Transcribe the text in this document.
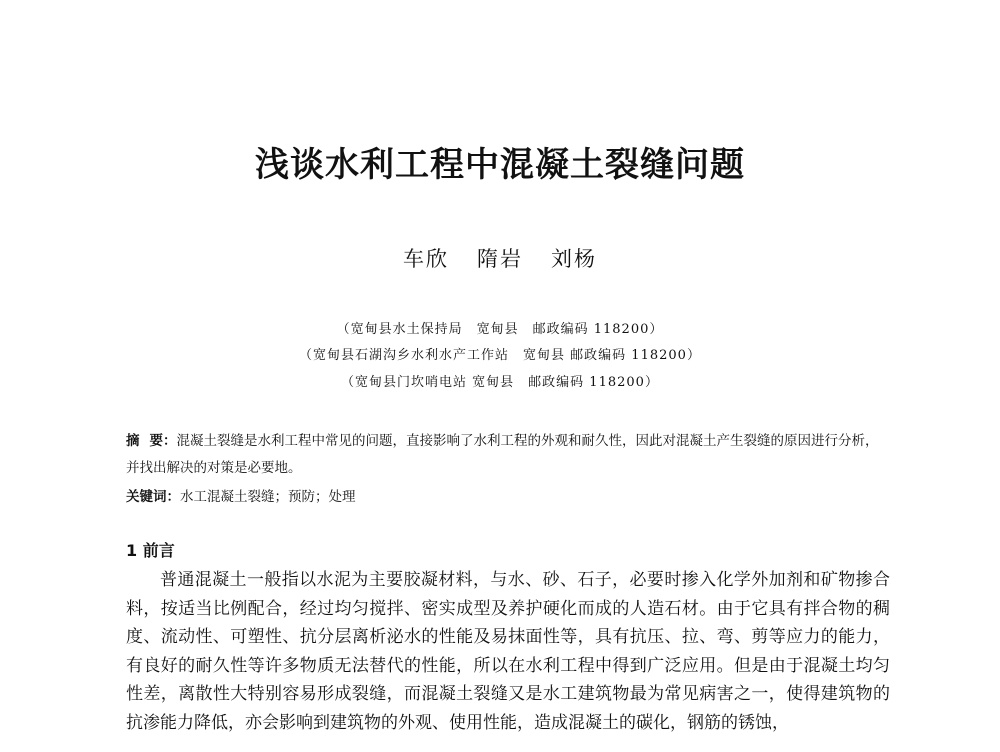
浅谈水利工程中混凝土裂缝问题
车欣 隋岩 刘杨
（宽甸县水土保持局　宽甸县　邮政编码 118200）
（宽甸县石湖沟乡水利水产工作站　宽甸县 邮政编码 118200）
（宽甸县门坎哨电站 宽甸县　邮政编码 118200）
摘要：混凝土裂缝是水利工程中常见的问题，直接影响了水利工程的外观和耐久性，因此对混凝土产生裂缝的原因进行分析，并找出解决的对策是必要地。
关键词：水工混凝土裂缝；预防；处理
1 前言
普通混凝土一般指以水泥为主要胶凝材料，与水、砂、石子，必要时掺入化学外加剂和矿物掺合料，按适当比例配合，经过均匀搅拌、密实成型及养护硬化而成的人造石材。由于它具有拌合物的稠度、流动性、可塑性、抗分层离析泌水的性能及易抹面性等，具有抗压、拉、弯、剪等应力的能力，有良好的耐久性等许多物质无法替代的性能，所以在水利工程中得到广泛应用。但是由于混凝土均匀性差，离散性大特别容易形成裂缝，而混凝土裂缝又是水工建筑物最为常见病害之一，使得建筑物的抗渗能力降低，亦会影响到建筑物的外观、使用性能，造成混凝土的碳化，钢筋的锈蚀，
